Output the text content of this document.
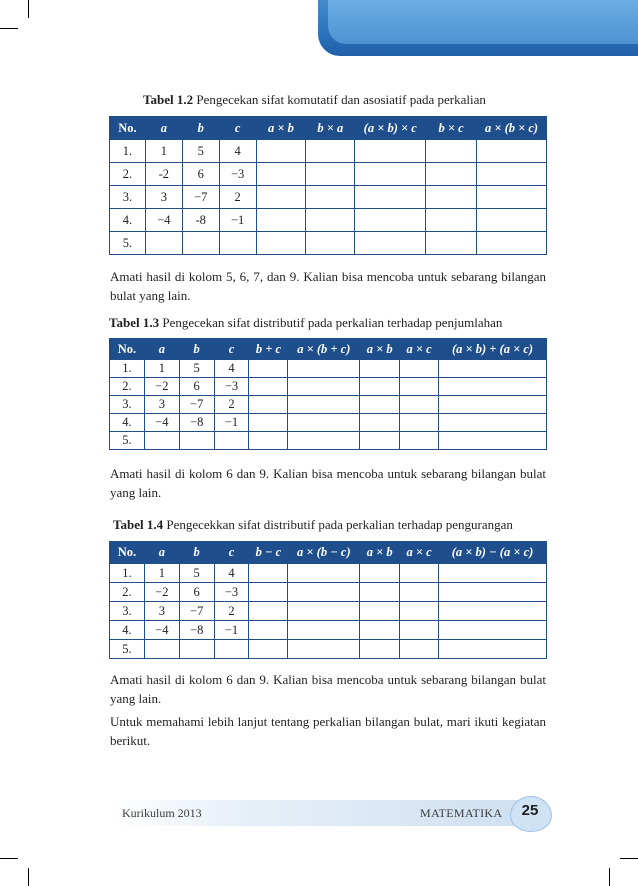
Tabel 1.2 Pengecekan sifat komutatif dan asosiatif pada perkalian
No.	a	b	c	a × b	b × a	(a × b) × c	b × c	a × (b × c)
1.	1	5	4					
2.	-2	6	−3					
3.	3	−7	2					
4.	−4	-8	−1					
5.								
Amati hasil di kolom 5, 6, 7, dan 9. Kalian bisa mencoba untuk sebarang bilangan bulat yang lain.
Tabel 1.3 Pengecekan sifat distributif pada perkalian terhadap penjumlahan
No.	a	b	c	b + c	a × (b + c)	a × b	a × c	(a × b) + (a × c)
1.	1	5	4					
2.	−2	6	−3					
3.	3	−7	2					
4.	−4	−8	−1					
5.								
Amati hasil di kolom 6 dan 9. Kalian bisa mencoba untuk sebarang bilangan bulat yang lain.
Tabel 1.4 Pengecekkan sifat distributif pada perkalian terhadap pengurangan
No.	a	b	c	b − c	a × (b − c)	a × b	a × c	(a × b) − (a × c)
1.	1	5	4					
2.	−2	6	−3					
3.	3	−7	2					
4.	−4	−8	−1					
5.								
Amati hasil di kolom 6 dan 9. Kalian bisa mencoba untuk sebarang bilangan bulat yang lain.
Untuk memahami lebih lanjut tentang perkalian bilangan bulat, mari ikuti kegiatan berikut.
Kurikulum 2013	MATEMATIKA	25
